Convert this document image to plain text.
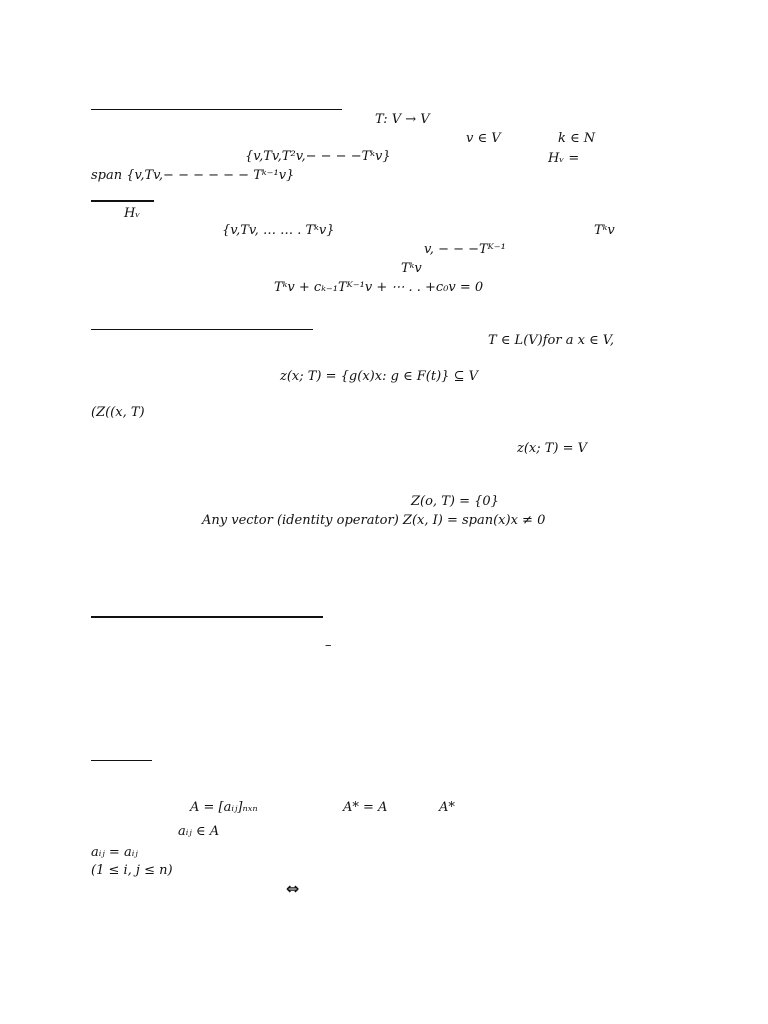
T: V → V
v ∈ V	k ∈ N
{v,Tv,T²v,− − − −Tᵏv}	Hᵥ =
span {v,Tv,− − − − − − Tᵏ⁻¹v}
Hᵥ
{v,Tv, … … . Tᵏv}	Tᵏv
v, − − −Tᴷ⁻¹
Tᵏv
Tᵏv + cₖ₋₁Tᴷ⁻¹v + ⋯ . . +c₀v = 0
T ∈ L(V)for a x ∈ V,
z(x; T) = {g(x)x: g ∈ F(t)} ⊆ V
(Z((x, T)
z(x; T) = V
Z(o, T) = {0}
Any vector (identity operator) Z(x, I) = span(x)x ≠ 0
–
A = [aᵢⱼ]ₙₓₙ	A* = A	A*
aᵢⱼ ∈ A
aᵢⱼ = aᵢⱼ
(1 ≤ i, j ≤ n)
⇔
